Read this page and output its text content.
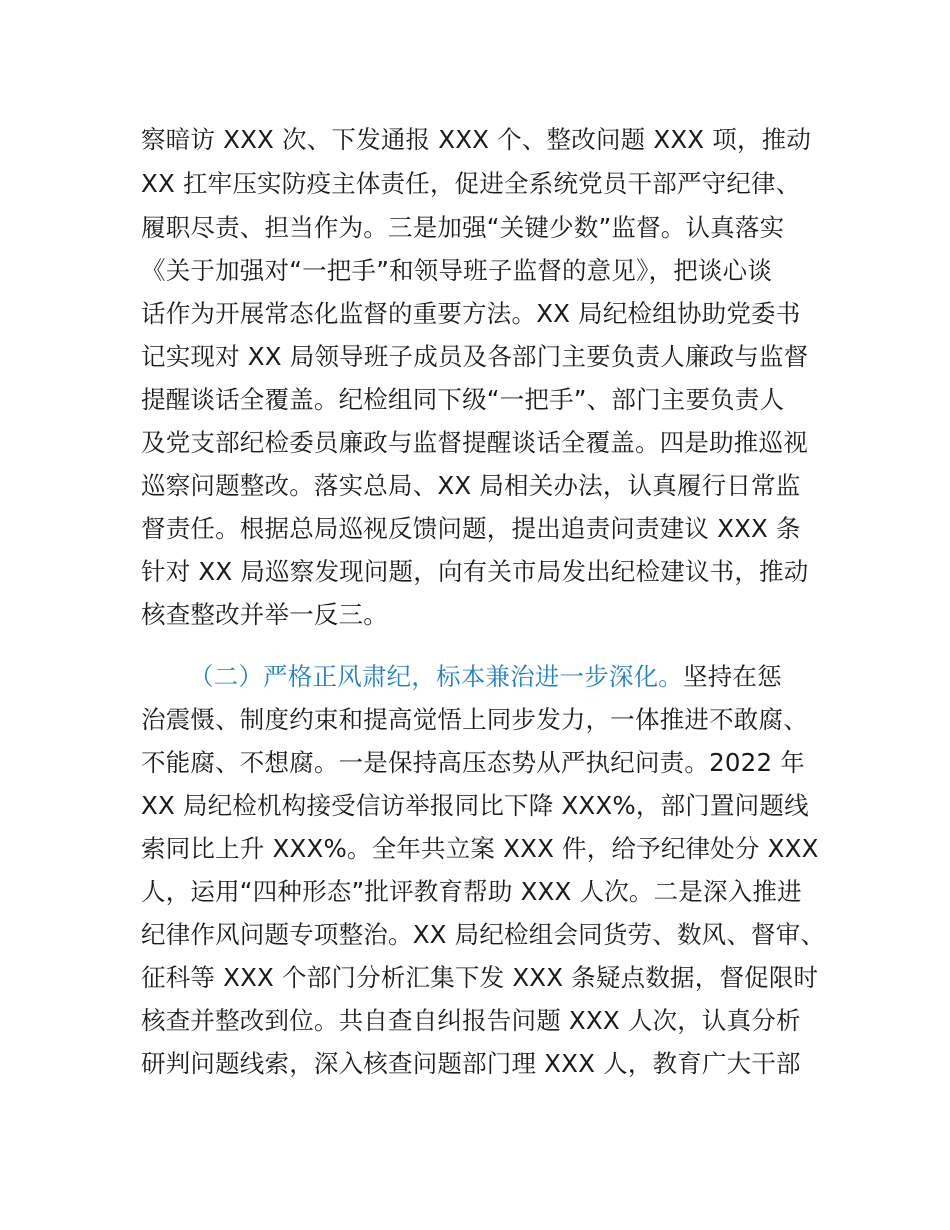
察暗访 XXX 次、下发通报 XXX 个、整改问题 XXX 项，推动
XX 扛牢压实防疫主体责任，促进全系统党员干部严守纪律、
履职尽责、担当作为。三是加强“关键少数”监督。认真落实
《关于加强对“一把手”和领导班子监督的意见》，把谈心谈
话作为开展常态化监督的重要方法。XX 局纪检组协助党委书
记实现对 XX 局领导班子成员及各部门主要负责人廉政与监督
提醒谈话全覆盖。纪检组同下级“一把手”、部门主要负责人
及党支部纪检委员廉政与监督提醒谈话全覆盖。四是助推巡视
巡察问题整改。落实总局、XX 局相关办法，认真履行日常监
督责任。根据总局巡视反馈问题，提出追责问责建议 XXX 条
针对 XX 局巡察发现问题，向有关市局发出纪检建议书，推动
核查整改并举一反三。
（二）严格正风肃纪，标本兼治进一步深化。坚持在惩
治震慑、制度约束和提高觉悟上同步发力，一体推进不敢腐、
不能腐、不想腐。一是保持高压态势从严执纪问责。2022 年
XX 局纪检机构接受信访举报同比下降 XXX%，部门置问题线
索同比上升 XXX%。全年共立案 XXX 件，给予纪律处分 XXX
人，运用“四种形态”批评教育帮助 XXX 人次。二是深入推进
纪律作风问题专项整治。XX 局纪检组会同货劳、数风、督审、
征科等 XXX 个部门分析汇集下发 XXX 条疑点数据，督促限时
核查并整改到位。共自查自纠报告问题 XXX 人次，认真分析
研判问题线索，深入核查问题部门理 XXX 人，教育广大干部
